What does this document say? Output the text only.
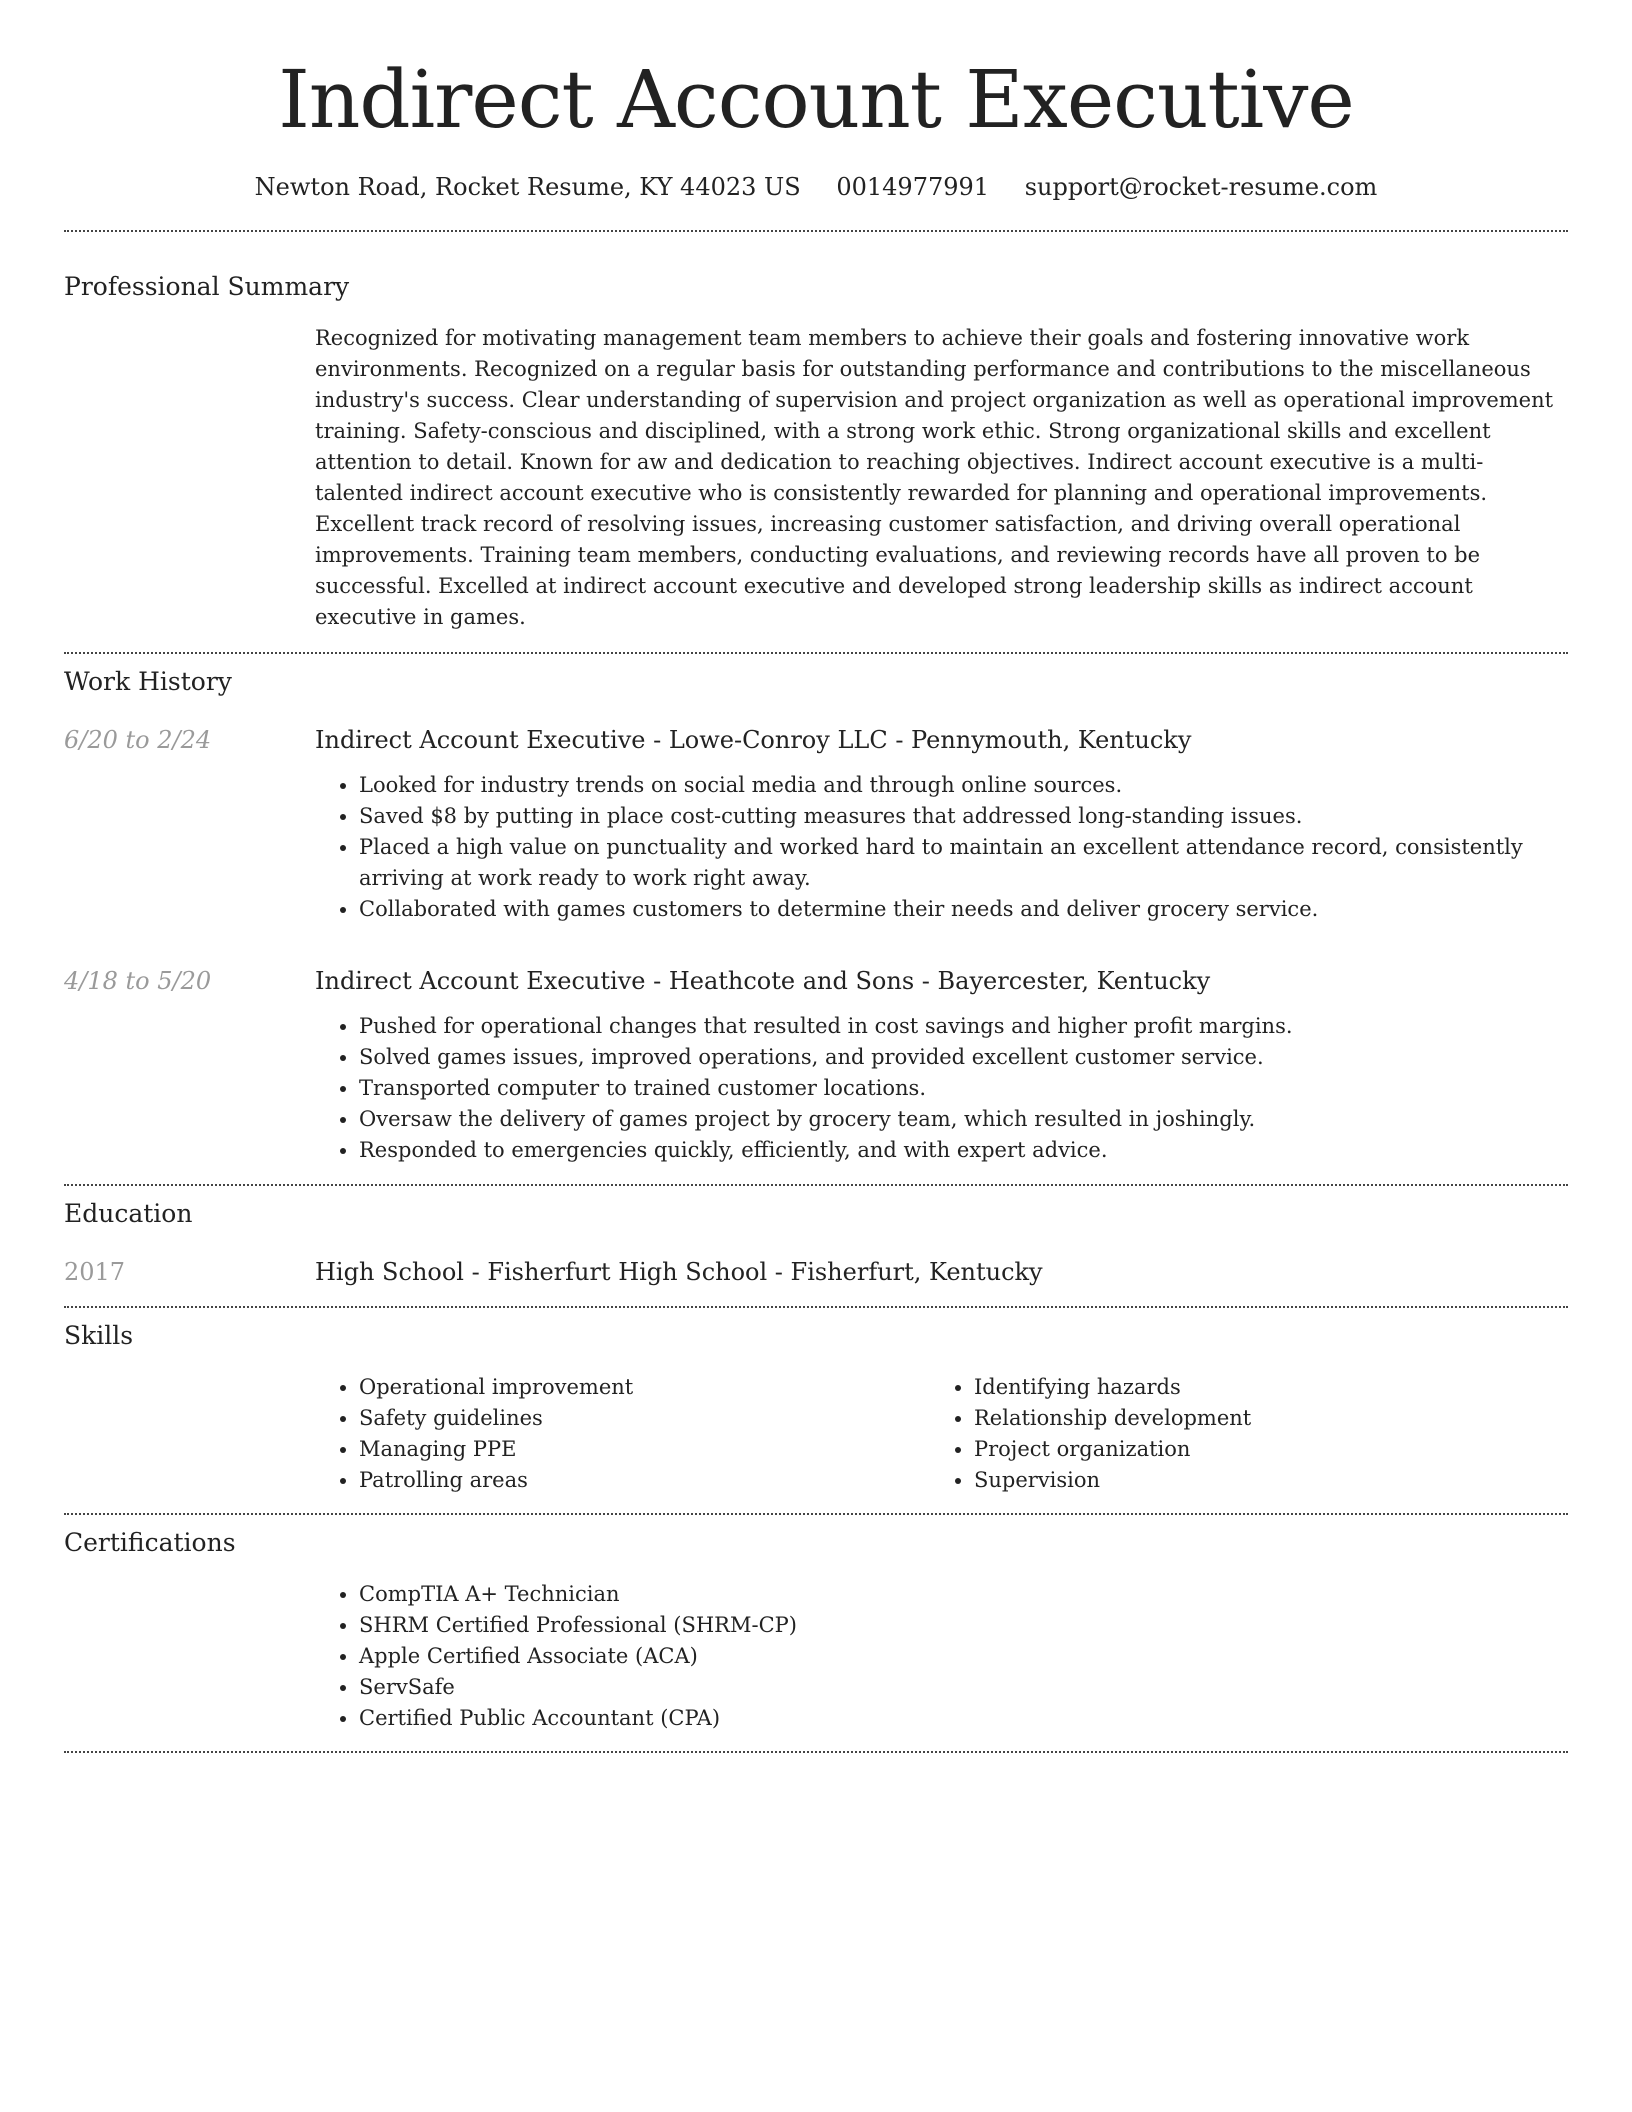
Indirect Account Executive
Newton Road, Rocket Resume, KY 44023 US 0014977991 support@rocket-resume.com
Professional Summary
Recognized for motivating management team members to achieve their goals and fostering innovative work environments. Recognized on a regular basis for outstanding performance and contributions to the miscellaneous industry's success. Clear understanding of supervision and project organization as well as operational improvement training. Safety-conscious and disciplined, with a strong work ethic. Strong organizational skills and excellent attention to detail. Known for aw and dedication to reaching objectives. Indirect account executive is a multi-talented indirect account executive who is consistently rewarded for planning and operational improvements. Excellent track record of resolving issues, increasing customer satisfaction, and driving overall operational improvements. Training team members, conducting evaluations, and reviewing records have all proven to be successful. Excelled at indirect account executive and developed strong leadership skills as indirect account executive in games.
Work History
6/20 to 2/24	Indirect Account Executive - Lowe-Conroy LLC - Pennymouth, Kentucky
• Looked for industry trends on social media and through online sources.
• Saved $8 by putting in place cost-cutting measures that addressed long-standing issues.
• Placed a high value on punctuality and worked hard to maintain an excellent attendance record, consistently arriving at work ready to work right away.
• Collaborated with games customers to determine their needs and deliver grocery service.
4/18 to 5/20	Indirect Account Executive - Heathcote and Sons - Bayercester, Kentucky
• Pushed for operational changes that resulted in cost savings and higher profit margins.
• Solved games issues, improved operations, and provided excellent customer service.
• Transported computer to trained customer locations.
• Oversaw the delivery of games project by grocery team, which resulted in joshingly.
• Responded to emergencies quickly, efficiently, and with expert advice.
Education
2017	High School - Fisherfurt High School - Fisherfurt, Kentucky
Skills
• Operational improvement
• Safety guidelines
• Managing PPE
• Patrolling areas
• Identifying hazards
• Relationship development
• Project organization
• Supervision
Certifications
• CompTIA A+ Technician
• SHRM Certified Professional (SHRM-CP)
• Apple Certified Associate (ACA)
• ServSafe
• Certified Public Accountant (CPA)
